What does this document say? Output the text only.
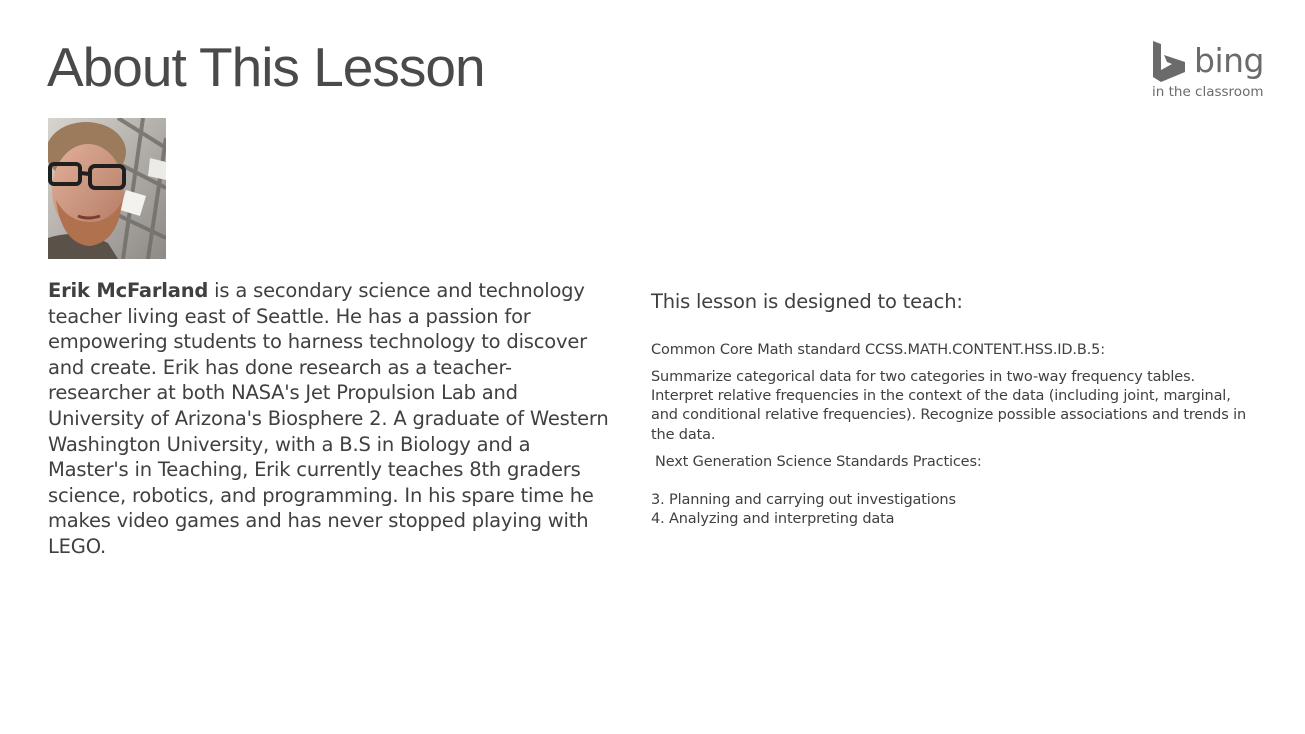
About This Lesson	bing
in the classroom

Erik McFarland is a secondary science and technology teacher living east of Seattle. He has a passion for empowering students to harness technology to discover and create. Erik has done research as a teacher-researcher at both NASA's Jet Propulsion Lab and University of Arizona's Biosphere 2. A graduate of Western Washington University, with a B.S in Biology and a Master's in Teaching, Erik currently teaches 8th graders science, robotics, and programming. In his spare time he makes video games and has never stopped playing with LEGO.

This lesson is designed to teach:

Common Core Math standard CCSS.MATH.CONTENT.HSS.ID.B.5:

Summarize categorical data for two categories in two-way frequency tables. Interpret relative frequencies in the context of the data (including joint, marginal, and conditional relative frequencies). Recognize possible associations and trends in the data.

Next Generation Science Standards Practices:

3. Planning and carrying out investigations
4. Analyzing and interpreting data
